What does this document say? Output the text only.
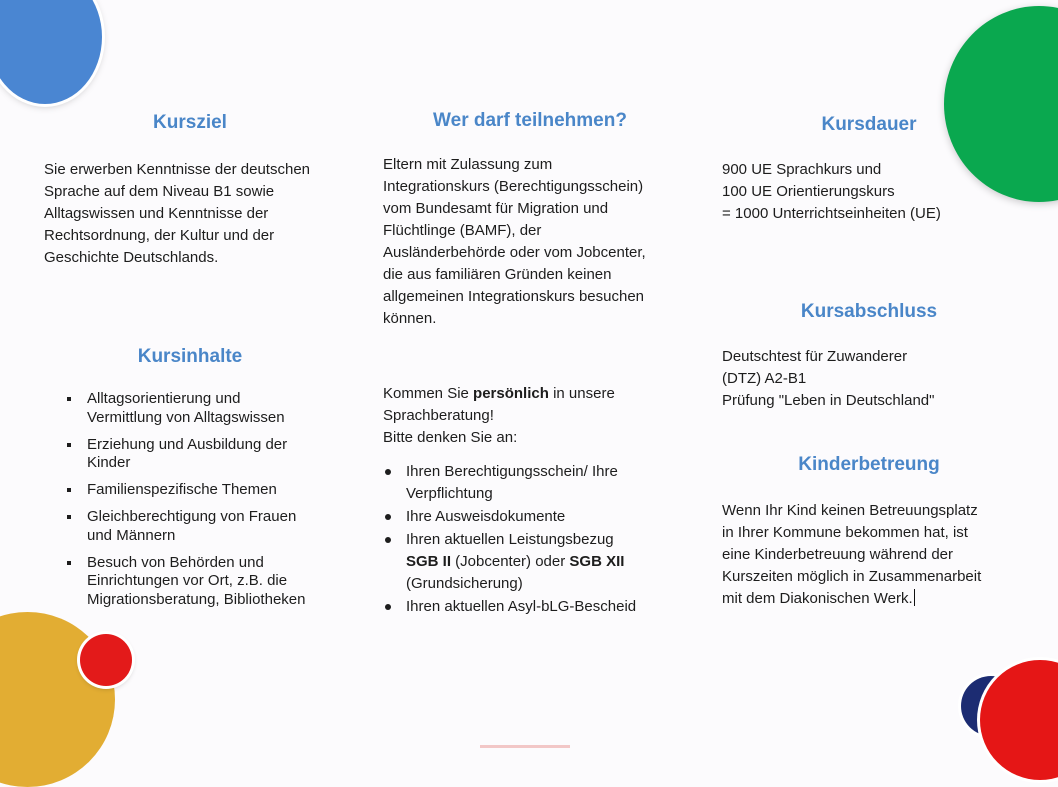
Kursziel

Sie erwerben Kenntnisse der deutschen
Sprache auf dem Niveau B1 sowie
Alltagswissen und Kenntnisse der
Rechtsordnung, der Kultur und der
Geschichte Deutschlands.

Kursinhalte
Alltagsorientierung und
Vermittlung von Alltagswissen
Erziehung und Ausbildung der
Kinder
Familienspezifische Themen
Gleichberechtigung von Frauen
und Männern
Besuch von Behörden und
Einrichtungen vor Ort, z.B. die
Migrationsberatung, Bibliotheken
Wer darf teilnehmen?

Eltern mit Zulassung zum
Integrationskurs (Berechtigungsschein)
vom Bundesamt für Migration und
Flüchtlinge (BAMF), der
Ausländerbehörde oder vom Jobcenter,
die aus familiären Gründen keinen
allgemeinen Integrationskurs besuchen
können.

Kommen Sie persönlich in unsere
Sprachberatung!
Bitte denken Sie an:

Ihren Berechtigungsschein/ Ihre
Verpflichtung
Ihre Ausweisdokumente
Ihren aktuellen Leistungsbezug
SGB II (Jobcenter) oder SGB XII
(Grundsicherung)
Ihren aktuellen Asyl-bLG-Bescheid
Kursdauer

900 UE Sprachkurs und
100 UE Orientierungskurs
= 1000 Unterrichtseinheiten (UE)

Kursabschluss

Deutschtest für Zuwanderer
(DTZ) A2-B1
Prüfung "Leben in Deutschland"

Kinderbetreung

Wenn Ihr Kind keinen Betreuungsplatz
in Ihrer Kommune bekommen hat, ist
eine Kinderbetreuung während der
Kurszeiten möglich in Zusammenarbeit
mit dem Diakonischen Werk.
